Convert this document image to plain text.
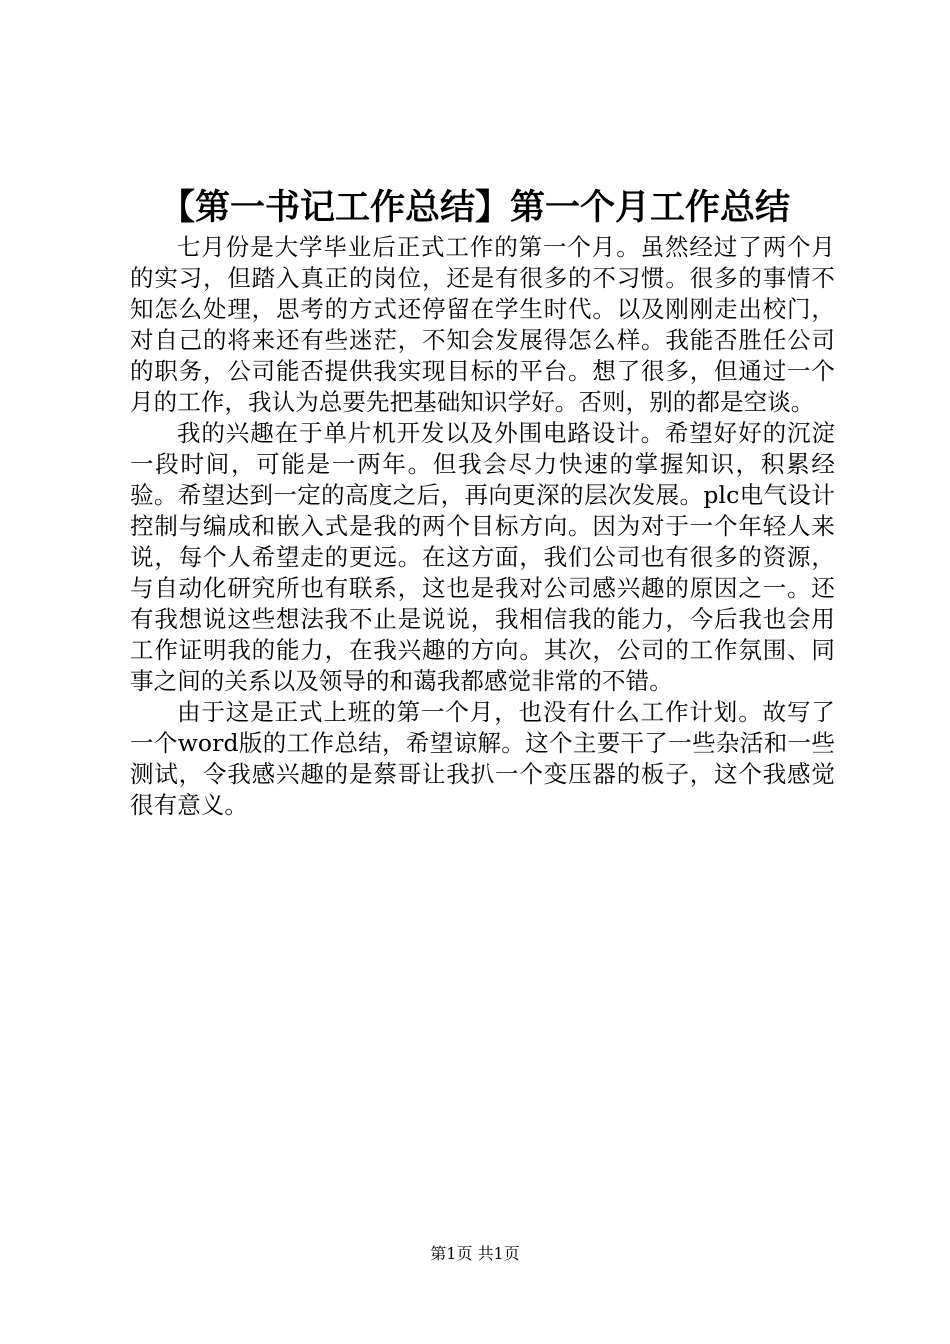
【第一书记工作总结】第一个月工作总结

七月份是大学毕业后正式工作的第一个月。虽然经过了两个月的实习，但踏入真正的岗位，还是有很多的不习惯。很多的事情不知怎么处理，思考的方式还停留在学生时代。以及刚刚走出校门，对自己的将来还有些迷茫，不知会发展得怎么样。我能否胜任公司的职务，公司能否提供我实现目标的平台。想了很多，但通过一个月的工作，我认为总要先把基础知识学好。否则，别的都是空谈。

我的兴趣在于单片机开发以及外围电路设计。希望好好的沉淀一段时间，可能是一两年。但我会尽力快速的掌握知识，积累经验。希望达到一定的高度之后，再向更深的层次发展。plc电气设计控制与编成和嵌入式是我的两个目标方向。因为对于一个年轻人来说，每个人希望走的更远。在这方面，我们公司也有很多的资源，与自动化研究所也有联系，这也是我对公司感兴趣的原因之一。还有我想说这些想法我不止是说说，我相信我的能力，今后我也会用工作证明我的能力，在我兴趣的方向。其次，公司的工作氛围、同事之间的关系以及领导的和蔼我都感觉非常的不错。

由于这是正式上班的第一个月，也没有什么工作计划。故写了一个word版的工作总结，希望谅解。这个主要干了一些杂活和一些测试，令我感兴趣的是蔡哥让我扒一个变压器的板子，这个我感觉很有意义。

第1页 共1页
